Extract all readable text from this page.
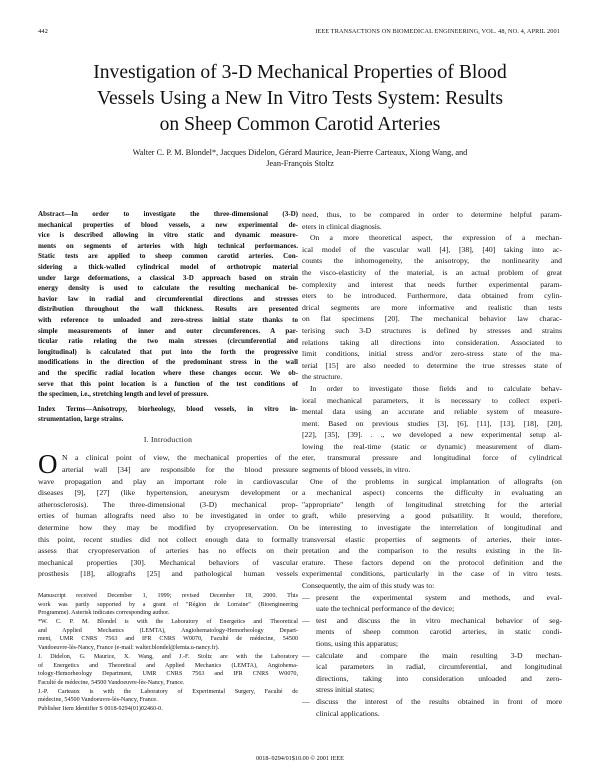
442	IEEE TRANSACTIONS ON BIOMEDICAL ENGINEERING, VOL. 48, NO. 4, APRIL 2001
Investigation of 3-D Mechanical Properties of Blood
Vessels Using a New In Vitro Tests System: Results
on Sheep Common Carotid Arteries

Walter C. P. M. Blondel*, Jacques Didelon, Gérard Maurice, Jean-Pierre Carteaux, Xiong Wang, and
Jean-François Stoltz

Abstract—In order to investigate the three-dimensional (3-D)
mechanical properties of blood vessels, a new experimental de-
vice is described allowing in vitro static and dynamic measure-
ments on segments of arteries with high technical performances.
Static tests are applied to sheep common carotid arteries. Con-
sidering a thick-walled cylindrical model of orthotropic material
under large deformations, a classical 3-D approach based on strain
energy density is used to calculate the resulting mechanical be-
havior law in radial and circumferential directions and stresses
distribution throughout the wall thickness. Results are presented
with reference to unloaded and zero-stress initial state thanks to
simple measurements of inner and outer circumferences. A par-
ticular ratio relating the two main stresses (circumferential and
longitudinal) is calculated that put into the forth the progressive
modifications in the direction of the predominant stress in the wall
and the specific radial location where these changes occur. We ob-
serve that this point location is a function of the test conditions of
the specimen, i.e., stretching length and level of pressure.
Index Terms—Anisotropy, biorheology, blood vessels, in vitro in-
strumentation, large strains.
I. Introduction
O N a clinical point of view, the mechanical properties of the
arterial wall [34] are responsible for the blood pressure
wave propagation and play an important role in cardiovascular
diseases [9], [27] (like hypertension, aneurysm development or
atherosclerosis). The three-dimensional (3-D) mechanical prop-
erties of human allografts need also to be investigated in order to
determine how they may be modified by cryopreservation. On
this point, recent studies did not collect enough data to formally
assess that cryopreservation of arteries has no effects on their
mechanical properties [30]. Mechanical behaviors of vascular
prosthesis [18], allografts [25] and pathological human vessels
Manuscript received December 1, 1999; revised December 18, 2000. This
work was partly supported by a grant of "Région de Lorraine" (Bioengineering
Programme). Asterisk indicates corresponding author.
*W. C. P. M. Blondel is with the Laboratory of Energetics and Theoretical
and Applied Mechanics (LEMTA), Angiohematology-Hemorheology Depart-
ment, UMR CNRS 7563 and IFR CNRS W0070, Faculté de médecine, 54500
Vandoeuvre-lès-Nancy, France (e-mail: walter.blondel@lemta.u-nancy.fr).
J. Didelon, G. Maurice, X. Wang, and J.-F. Stoltz are with the Laboratory
of Energetics and Theoretical and Applied Mechanics (LEMTA), Angiohema-
tology-Hemorheology Department, UMR CNRS 7563 and IFR CNRS W0070,
Faculté de médecine, 54500 Vandoeuvre-lès-Nancy, France.
J.-P. Carteaux is with the Laboratory of Experimental Surgery, Faculté de
médecine, 54500 Vandoeuvre-lès-Nancy, France.
Publisher Item Identifier S 0018-9294(01)02460-0.
need, thus, to be compared in order to determine helpful param-
eters in clinical diagnosis.
On a more theoretical aspect, the expression of a mechan-
ical model of the vascular wall [4], [38], [40] taking into ac-
counts the inhomogeneity, the anisotropy, the nonlinearity and
the visco-elasticity of the material, is an actual problem of great
complexity and interest that needs further experimental param-
eters to be introduced. Furthermore, data obtained from cylin-
drical segments are more informative and realistic than tests
on flat specimens [20]. The mechanical behavior law charac-
terising such 3-D structures is defined by stresses and strains
relations taking all directions into consideration. Associated to
limit conditions, initial stress and/or zero-stress state of the ma-
terial [15] are also needed to determine the true stresses state of
the structure.
In order to investigate those fields and to calculate behav-
ioral mechanical parameters, it is necessary to collect experi-
mental data using an accurate and reliable system of measure-
ment. Based on previous studies [3], [6], [11], [13], [18], [20],
[22], [35], [39]. . ., we developed a new experimental setup al-
lowing the real-time (static or dynamic) measurement of diam-
eter, transmural pressure and longitudinal force of cylindrical
segments of blood vessels, in vitro.
One of the problems in surgical implantation of allografts (on
a mechanical aspect) concerns the difficulty in evaluating an
"appropriate" length of longitudinal stretching for the arterial
graft, while preserving a good pulsatility. It would, therefore,
be interesting to investigate the interrelation of longitudinal and
transversal elastic properties of segments of arteries, their inter-
pretation and the comparison to the results existing in the lit-
erature. These factors depend on the protocol definition and the
experimental conditions, particularly in the case of in vitro tests.
Consequently, the aim of this study was to:
— present the experimental system and methods, and eval-
uate the technical performance of the device;
— test and discuss the in vitro mechanical behavior of seg-
ments of sheep common carotid arteries, in static condi-
tions, using this apparatus;
— calculate and compare the main resulting 3-D mechan-
ical parameters in radial, circumferential, and longitudinal
directions, taking into consideration unloaded and zero-
stress initial states;
— discuss the interest of the results obtained in front of more
clinical applications.
0018–9294/01$10.00 © 2001 IEEE
